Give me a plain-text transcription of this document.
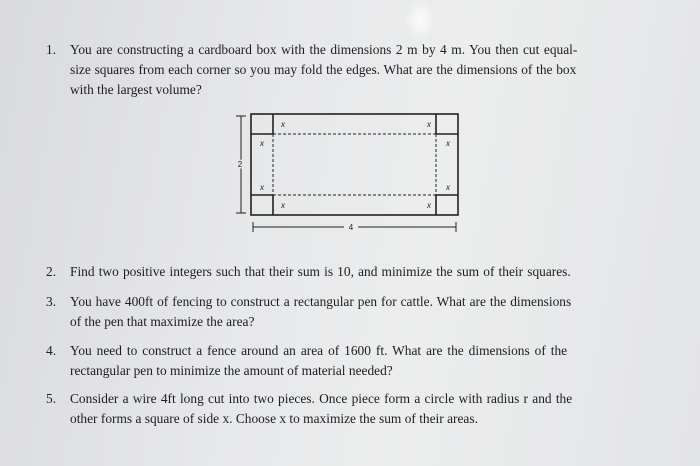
1. You are constructing a cardboard box with the dimensions 2 m by 4 m. You then cut equal-
size squares from each corner so you may fold the edges. What are the dimensions of the box
with the largest volume?
x	x
x	x
x	x
x	x
2
4
2. Find two positive integers such that their sum is 10, and minimize the sum of their squares.
3. You have 400ft of fencing to construct a rectangular pen for cattle. What are the dimensions
of the pen that maximize the area?
4. You need to construct a fence around an area of 1600 ft. What are the dimensions of the
rectangular pen to minimize the amount of material needed?
5. Consider a wire 4ft long cut into two pieces. Once piece form a circle with radius r and the
other forms a square of side x. Choose x to maximize the sum of their areas.
